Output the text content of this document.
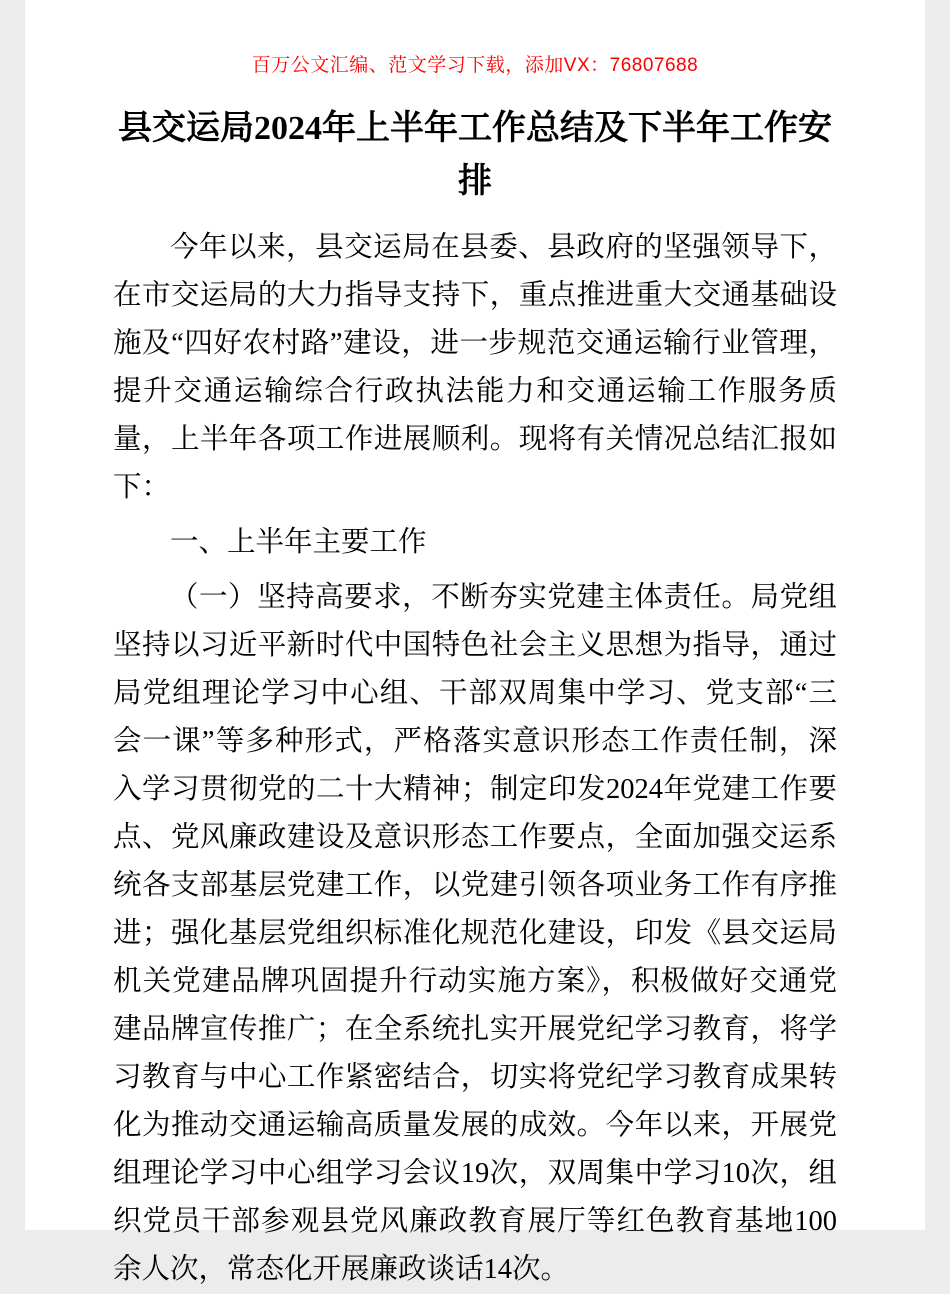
百万公文汇编、范文学习下载，添加VX：76807688

县交运局2024年上半年工作总结及下半年工作安排

今年以来，县交运局在县委、县政府的坚强领导下，在市交运局的大力指导支持下，重点推进重大交通基础设施及“四好农村路”建设，进一步规范交通运输行业管理，提升交通运输综合行政执法能力和交通运输工作服务质量，上半年各项工作进展顺利。现将有关情况总结汇报如下：

一、上半年主要工作

（一）坚持高要求，不断夯实党建主体责任。局党组坚持以习近平新时代中国特色社会主义思想为指导，通过局党组理论学习中心组、干部双周集中学习、党支部“三会一课”等多种形式，严格落实意识形态工作责任制，深入学习贯彻党的二十大精神；制定印发2024年党建工作要点、党风廉政建设及意识形态工作要点，全面加强交运系统各支部基层党建工作，以党建引领各项业务工作有序推进；强化基层党组织标准化规范化建设，印发《县交运局机关党建品牌巩固提升行动实施方案》，积极做好交通党建品牌宣传推广；在全系统扎实开展党纪学习教育，将学习教育与中心工作紧密结合，切实将党纪学习教育成果转化为推动交通运输高质量发展的成效。今年以来，开展党组理论学习中心组学习会议19次，双周集中学习10次，组织党员干部参观县党风廉政教育展厅等红色教育基地100余人次，常态化开展廉政谈话14次。
